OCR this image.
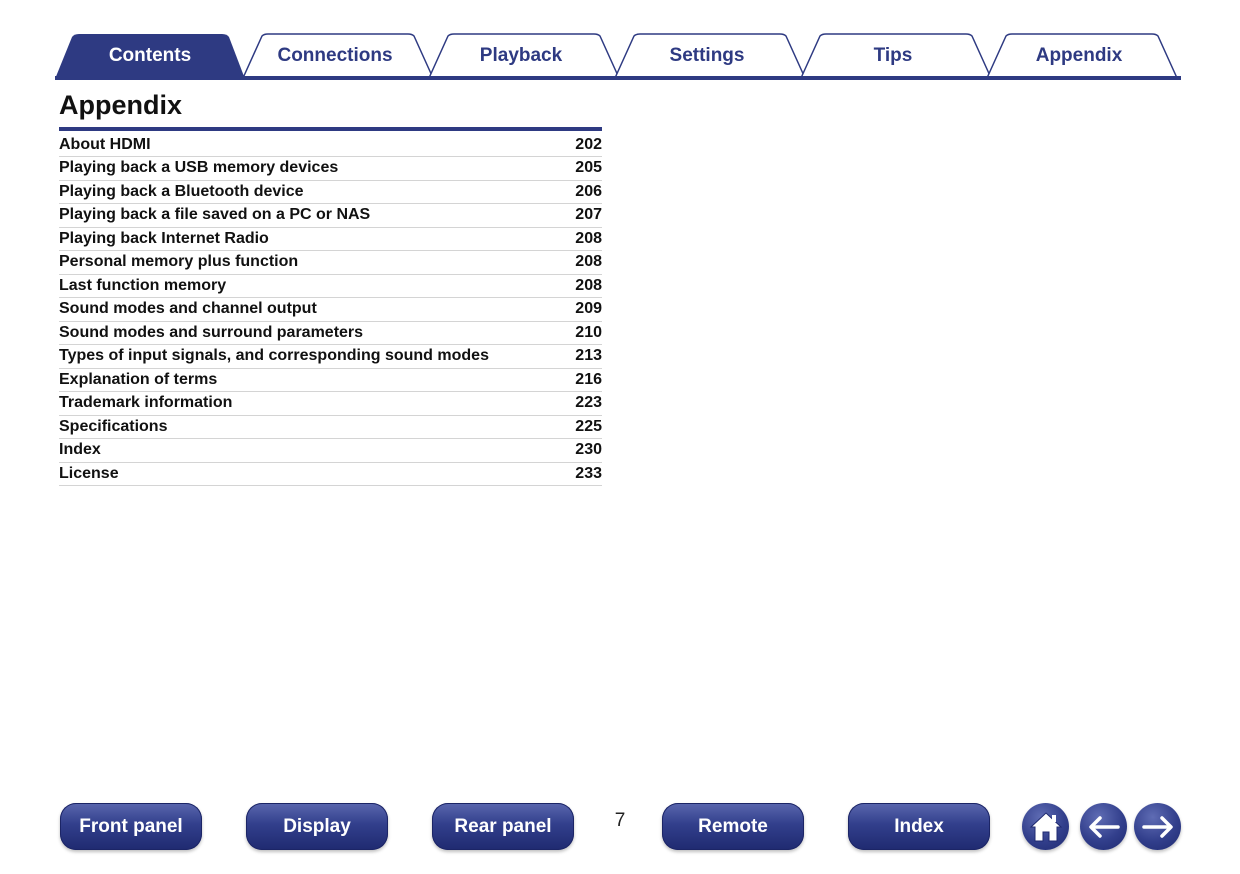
Contents	Connections	Playback	Settings	Tips	Appendix
Appendix
About HDMI	202
Playing back a USB memory devices	205
Playing back a Bluetooth device	206
Playing back a file saved on a PC or NAS	207
Playing back Internet Radio	208
Personal memory plus function	208
Last function memory	208
Sound modes and channel output	209
Sound modes and surround parameters	210
Types of input signals, and corresponding sound modes	213
Explanation of terms	216
Trademark information	223
Specifications	225
Index	230
License	233
Front panel	Display	Rear panel	7	Remote	Index
